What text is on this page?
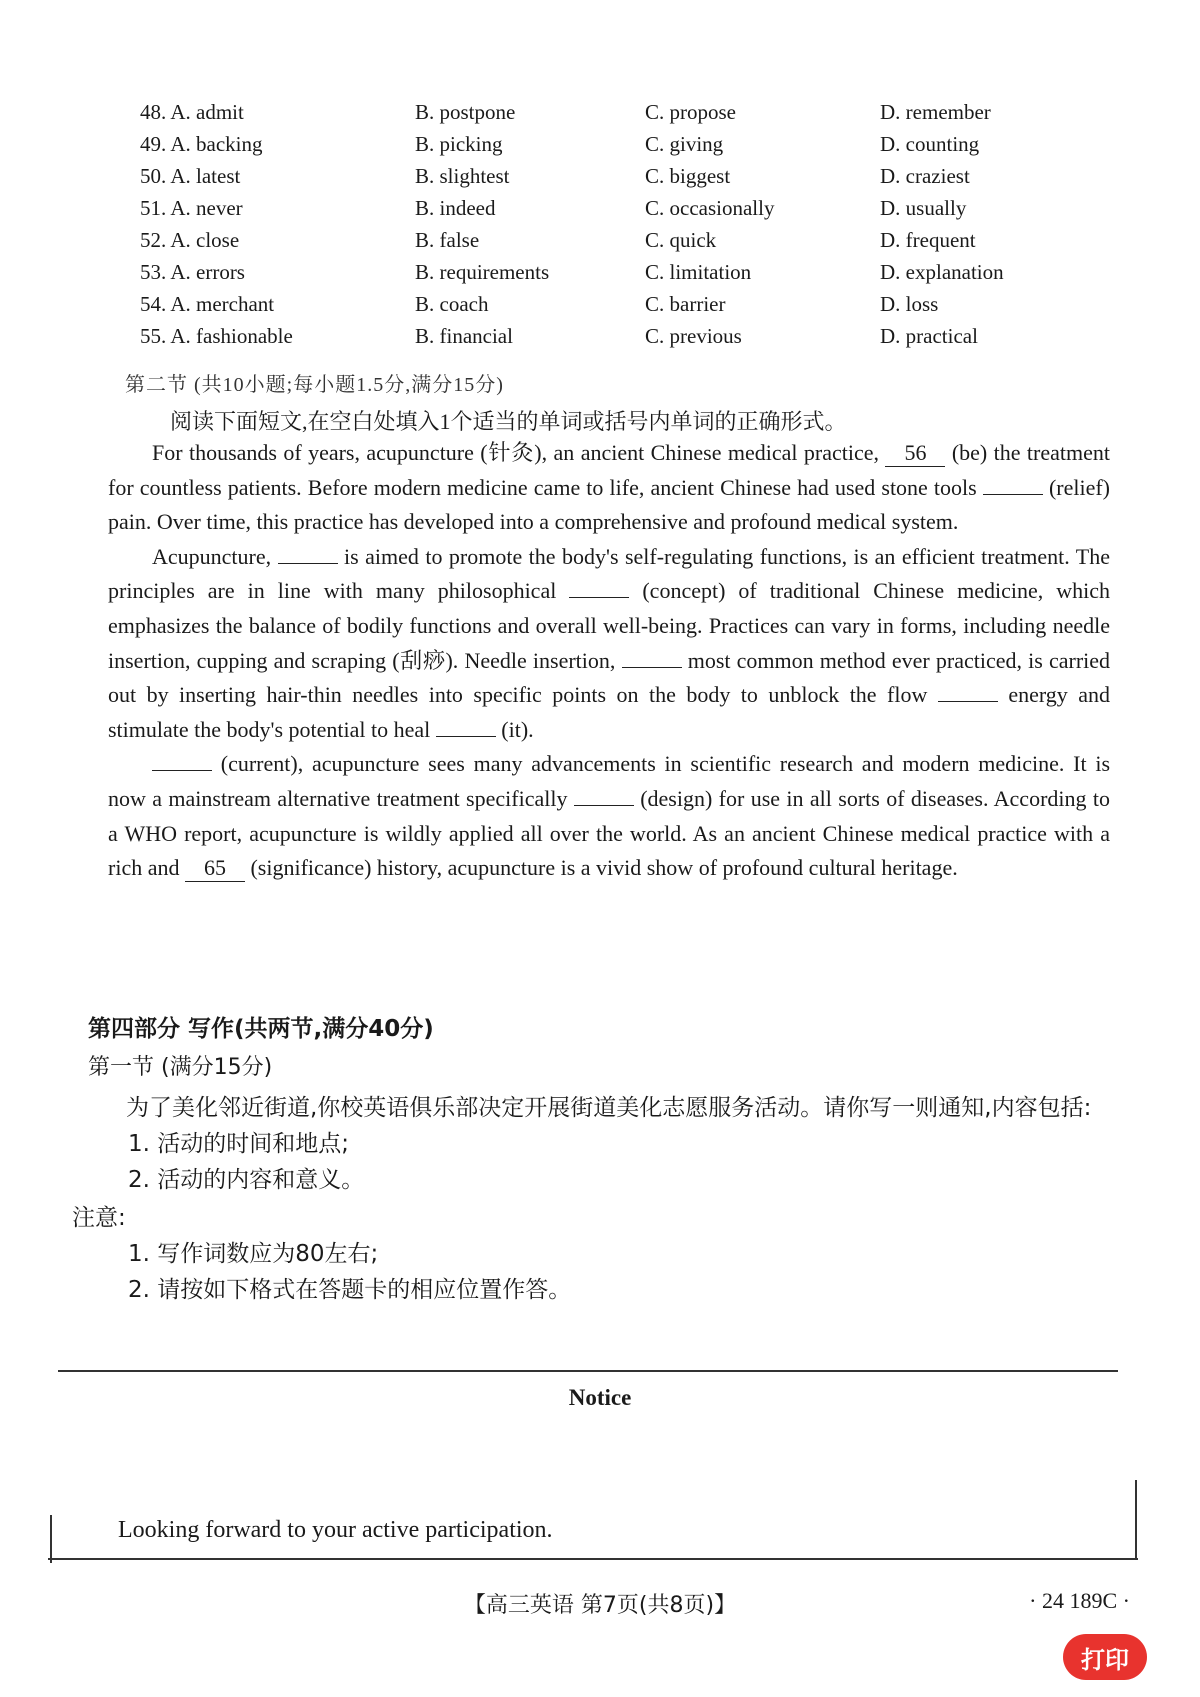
48. A. admit	B. postpone	C. propose	D. remember
49. A. backing	B. picking	C. giving	D. counting
50. A. latest	B. slightest	C. biggest	D. craziest
51. A. never	B. indeed	C. occasionally	D. usually
52. A. close	B. false	C. quick	D. frequent
53. A. errors	B. requirements	C. limitation	D. explanation
54. A. merchant	B. coach	C. barrier	D. loss
55. A. fashionable	B. financial	C. previous	D. practical
第二节 (共10小题;每小题1.5分,满分15分)
阅读下面短文,在空白处填入1个适当的单词或括号内单词的正确形式。

For thousands of years, acupuncture (针灸), an ancient Chinese medical practice, 56 (be) the treatment for countless patients. Before modern medicine came to life, ancient Chinese had used stone tools	(relief) pain. Over time, this practice has developed into a comprehensive and profound medical system.

Acupuncture,	is aimed to promote the body's self-regulating functions, is an efficient treatment. The principles are in line with many philosophical	(concept) of traditional Chinese medicine, which emphasizes the balance of bodily functions and overall well-being. Practices can vary in forms, including needle insertion, cupping and scraping (刮痧). Needle insertion,	most common method ever practiced, is carried out by inserting hair-thin needles into specific points on the body to unblock the flow	energy and stimulate the body's potential to heal	(it).

(current), acupuncture sees many advancements in scientific research and modern medicine. It is now a mainstream alternative treatment specifically	(design) for use in all sorts of diseases. According to a WHO report, acupuncture is wildly applied all over the world. As an ancient Chinese medical practice with a rich and 65 (significance) history, acupuncture is a vivid show of profound cultural heritage.

第四部分 写作(共两节,满分40分)
第一节 (满分15分)

为了美化邻近街道,你校英语俱乐部决定开展街道美化志愿服务活动。请你写一则通知,内容包括:

1. 活动的时间和地点;

2. 活动的内容和意义。

注意:

1. 写作词数应为80左右;

2. 请按如下格式在答题卡的相应位置作答。

Notice
Looking forward to your active participation.
【高三英语 第7页(共8页)】	· 24 189C ·
打印
